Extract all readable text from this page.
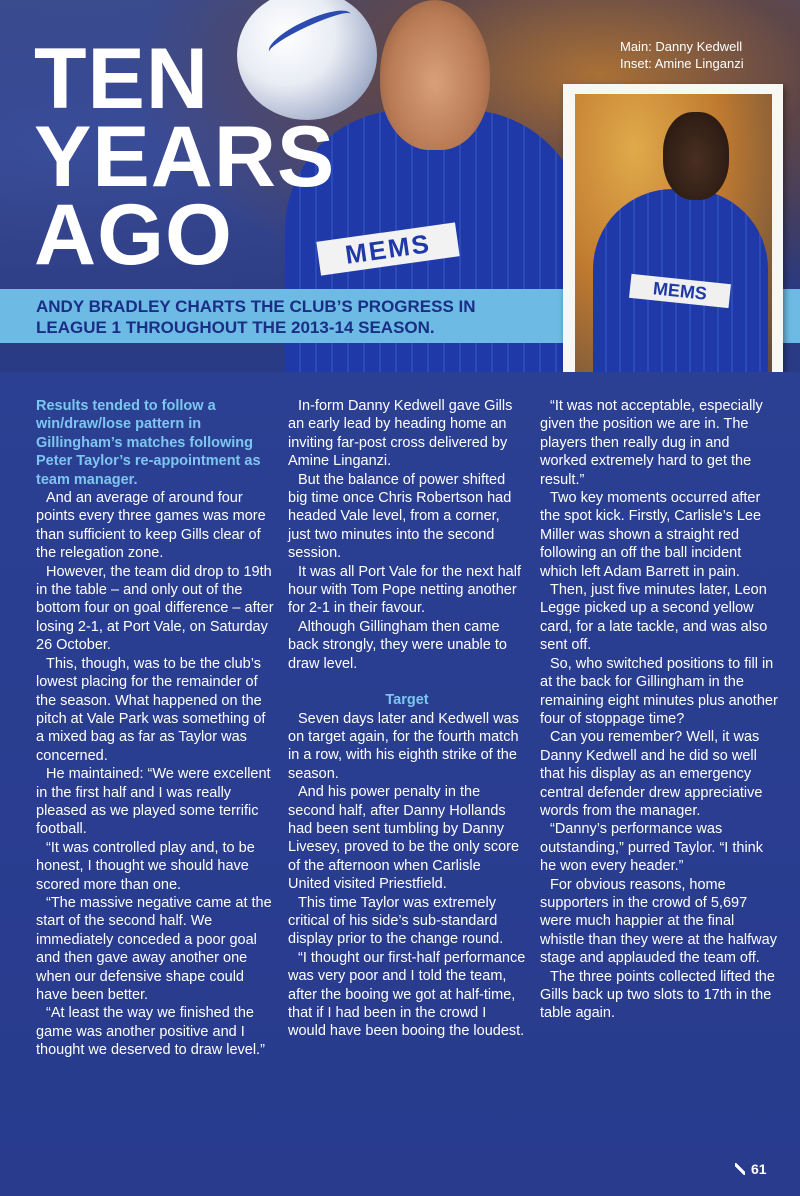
MEMS
TEN
YEARS
AGO
Main: Danny Kedwell
Inset: Amine Linganzi
ANDY BRADLEY CHARTS THE CLUB’S PROGRESS IN
LEAGUE 1 THROUGHOUT THE 2013-14 SEASON.
MEMS

Results tended to follow a win/draw/lose pattern in Gillingham’s matches following Peter Taylor’s re-appointment as team manager.

And an average of around four points every three games was more than sufficient to keep Gills clear of the relegation zone.

However, the team did drop to 19th in the table – and only out of the bottom four on goal difference – after losing 2-1, at Port Vale, on Saturday 26 October.

This, though, was to be the club’s lowest placing for the remainder of the season. What happened on the pitch at Vale Park was something of a mixed bag as far as Taylor was concerned.

He maintained: “We were excellent in the first half and I was really pleased as we played some terrific football.

“It was controlled play and, to be honest, I thought we should have scored more than one.

“The massive negative came at the start of the second half. We immediately conceded a poor goal and then gave away another one when our defensive shape could have been better.

“At least the way we finished the game was another positive and I thought we deserved to draw level.”

In-form Danny Kedwell gave Gills an early lead by heading home an inviting far-post cross delivered by Amine Linganzi.

But the balance of power shifted big time once Chris Robertson had headed Vale level, from a corner, just two minutes into the second session.

It was all Port Vale for the next half hour with Tom Pope netting another for 2-1 in their favour.

Although Gillingham then came back strongly, they were unable to draw level.

Target

Seven days later and Kedwell was on target again, for the fourth match in a row, with his eighth strike of the season.

And his power penalty in the second half, after Danny Hollands had been sent tumbling by Danny Livesey, proved to be the only score of the afternoon when Carlisle United visited Priestfield.

This time Taylor was extremely critical of his side’s sub-standard display prior to the change round.

“I thought our first-half performance was very poor and I told the team, after the booing we got at half-time, that if I had been in the crowd I would have been booing the loudest.

“It was not acceptable, especially given the position we are in. The players then really dug in and worked extremely hard to get the result.”

Two key moments occurred after the spot kick. Firstly, Carlisle’s Lee Miller was shown a straight red following an off the ball incident which left Adam Barrett in pain.

Then, just five minutes later, Leon Legge picked up a second yellow card, for a late tackle, and was also sent off.

So, who switched positions to fill in at the back for Gillingham in the remaining eight minutes plus another four of stoppage time?

Can you remember? Well, it was Danny Kedwell and he did so well that his display as an emergency central defender drew appreciative words from the manager.

“Danny’s performance was outstanding,” purred Taylor. “I think he won every header.”

For obvious reasons, home supporters in the crowd of 5,697 were much happier at the final whistle than they were at the halfway stage and applauded the team off.

The three points collected lifted the Gills back up two slots to 17th in the table again.

61
